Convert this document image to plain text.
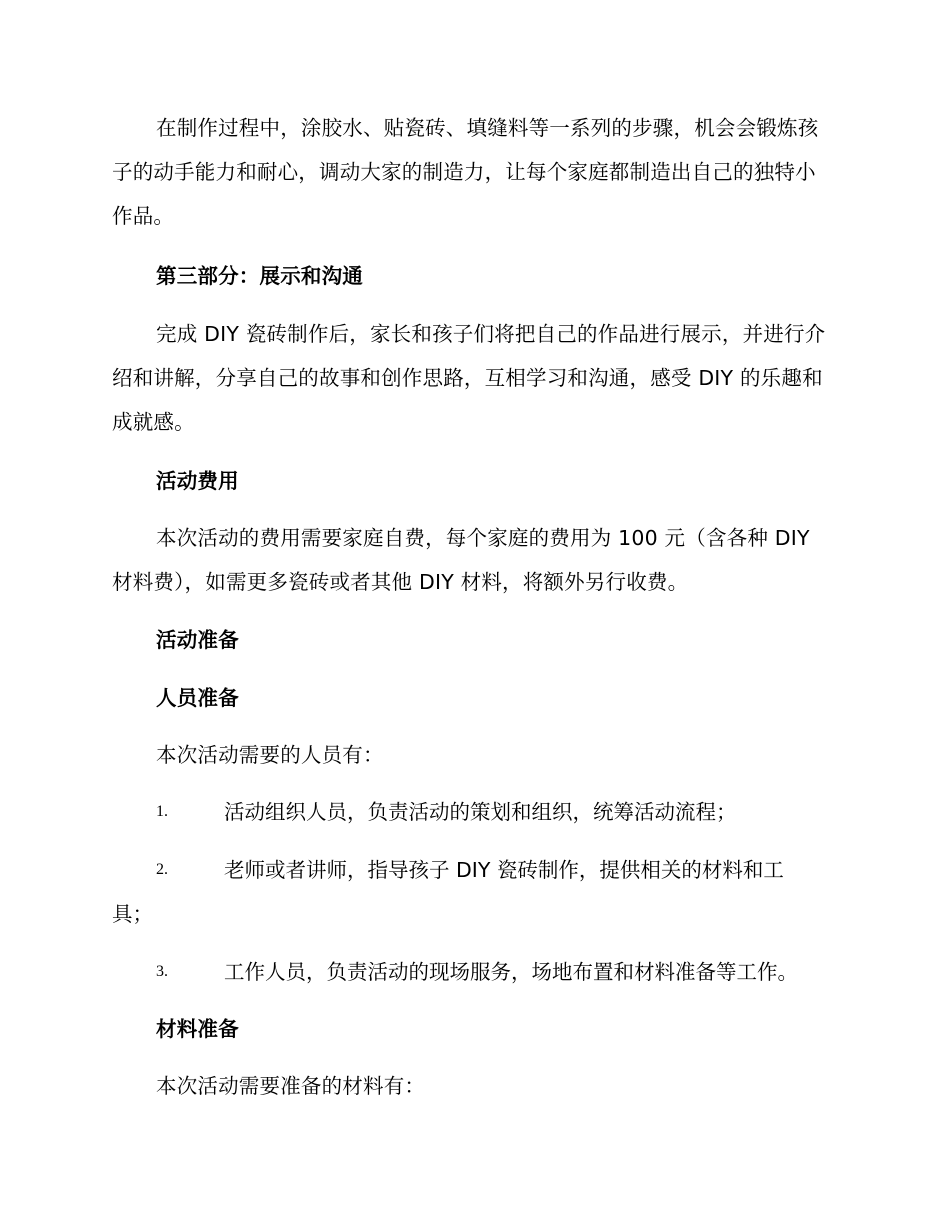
在制作过程中，涂胶水、贴瓷砖、填缝料等一系列的步骤，机会会锻炼孩子的动手能力和耐心，调动大家的制造力，让每个家庭都制造出自己的独特小作品。

第三部分：展示和沟通

完成 DIY 瓷砖制作后，家长和孩子们将把自己的作品进行展示，并进行介绍和讲解，分享自己的故事和创作思路，互相学习和沟通，感受 DIY 的乐趣和成就感。

活动费用

本次活动的费用需要家庭自费，每个家庭的费用为 100 元（含各种 DIY 材料费），如需更多瓷砖或者其他 DIY 材料，将额外另行收费。

活动准备

人员准备

本次活动需要的人员有：

1.	活动组织人员，负责活动的策划和组织，统筹活动流程；
2.	老师或者讲师，指导孩子 DIY 瓷砖制作，提供相关的材料和工
具；
3.	工作人员，负责活动的现场服务，场地布置和材料准备等工作。

材料准备

本次活动需要准备的材料有：
